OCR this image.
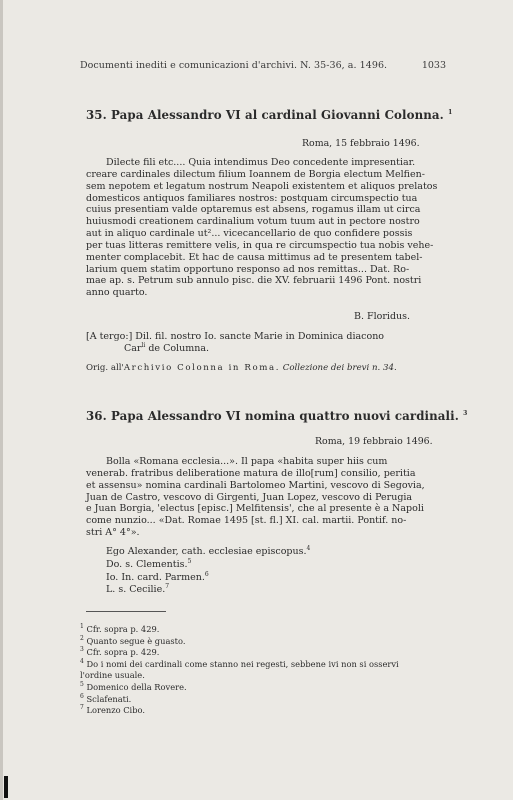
Documenti inediti e comunicazioni d'archivi. N. 35-36, a. 1496.	1033
35. Papa Alessandro VI al cardinal Giovanni Colonna. $^1$
Roma, 15 febbraio 1496.
Dilecte fili etc.... Quia intendimus Deo concedente impresentiar.
creare cardinales dilectum filium Ioannem de Borgia electum Melfien-
sem nepotem et legatum nostrum Neapoli existentem et aliquos prelatos
domesticos antiquos familiares nostros: postquam circumspectio tua
cuius presentiam valde optaremus est absens, rogamus illam ut circa
huiusmodi creationem cardinalium votum tuum aut in pectore nostro
aut in aliquo cardinale ut²... vicecancellario de quo confidere possis
per tuas litteras remittere velis, in qua re circumspectio tua nobis vehe-
menter complacebit. Et hac de causa mittimus ad te presentem tabel-
larium quem statim opportuno responso ad nos remittas... Dat. Ro-
mae ap. s. Petrum sub annulo pisc. die XV. februarii 1496 Pont. nostri
anno quarto.
B. Floridus.
[A tergo:] Dil. fil. nostro Io. sancte Marie in Dominica diacono
Car$^{li}$ de Columna.
Orig. all'Archivio Colonna in Roma. Collezione dei brevi n. 34.
36. Papa Alessandro VI nomina quattro nuovi cardinali. $^3$
Roma, 19 febbraio 1496.
Bolla «Romana ecclesia...». Il papa «habita super hiis cum
venerab. fratribus deliberatione matura de illo[rum] consilio, peritia
et assensu» nomina cardinali Bartolomeo Martini, vescovo di Segovia,
Juan de Castro, vescovo di Girgenti, Juan Lopez, vescovo di Perugia
e Juan Borgia, 'electus [episc.] Melfitensis', che al presente è a Napoli
come nunzio... «Dat. Romae 1495 [st. fl.] XI. cal. martii. Pontif. no-
stri A° 4°».
Ego Alexander, cath. ecclesiae episcopus.$^4$
Do. s. Clementis.$^5$
Io. In. card. Parmen.$^6$
L. s. Cecilie.$^7$
$^1$ Cfr. sopra p. 429.
$^2$ Quanto segue è guasto.
$^3$ Cfr. sopra p. 429.
$^4$ Do i nomi dei cardinali come stanno nei regesti, sebbene ivi non si osservi
l'ordine usuale.
$^5$ Domenico della Rovere.
$^6$ Sclafenati.
$^7$ Lorenzo Cibo.
